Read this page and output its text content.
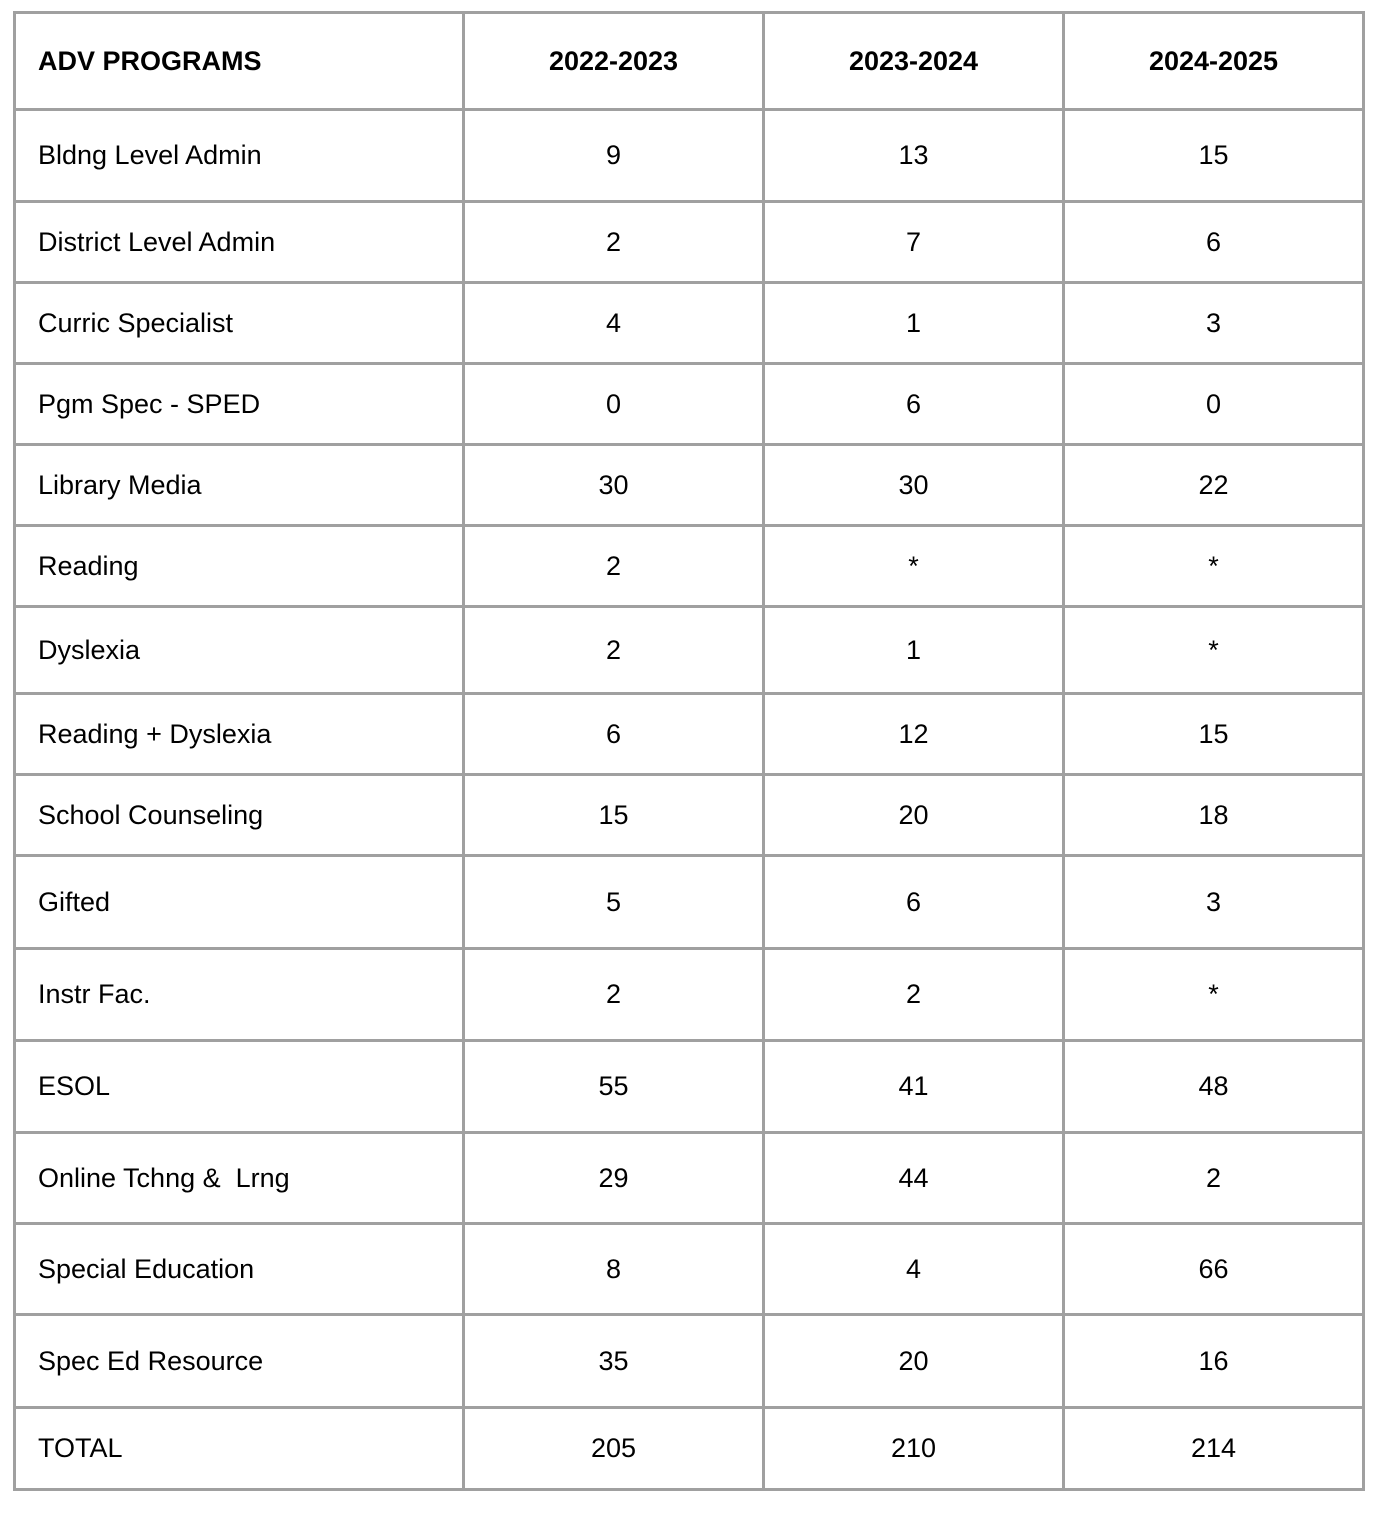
ADV PROGRAMS	2022-2023	2023-2024	2024-2025
Bldng Level Admin	9	13	15
District Level Admin	2	7	6
Curric Specialist	4	1	3
Pgm Spec - SPED	0	6	0
Library Media	30	30	22
Reading	2	*	*
Dyslexia	2	1	*
Reading + Dyslexia	6	12	15
School Counseling	15	20	18
Gifted	5	6	3
Instr Fac.	2	2	*
ESOL	55	41	48
Online Tchng &  Lrng	29	44	2
Special Education	8	4	66
Spec Ed Resource	35	20	16
TOTAL	205	210	214
